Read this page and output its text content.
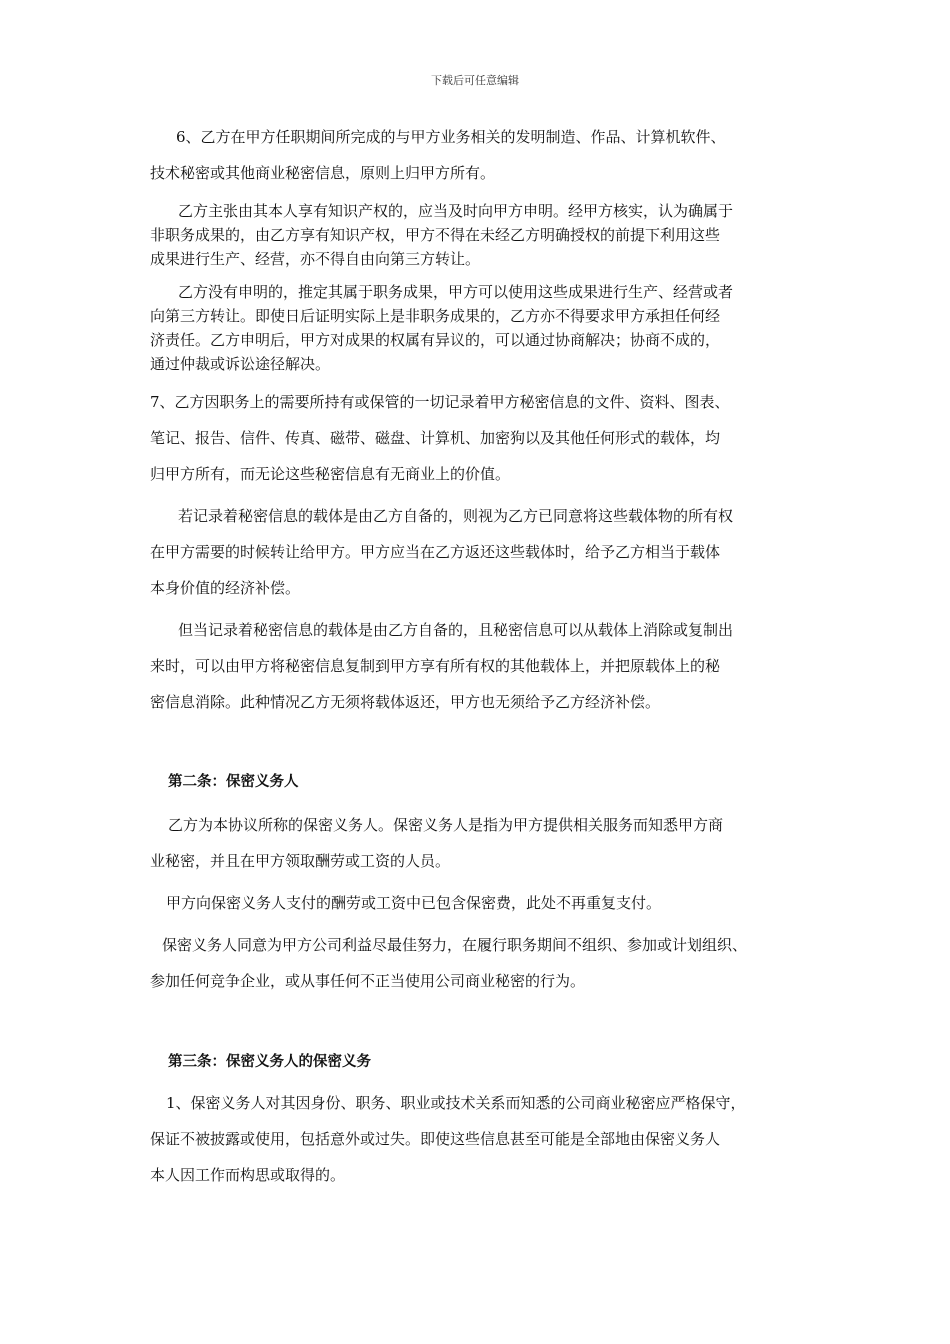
下载后可任意编辑
6、乙方在甲方任职期间所完成的与甲方业务相关的发明制造、作品、计算机软件、
技术秘密或其他商业秘密信息，原则上归甲方所有。
乙方主张由其本人享有知识产权的，应当及时向甲方申明。经甲方核实，认为确属于
非职务成果的，由乙方享有知识产权，甲方不得在未经乙方明确授权的前提下利用这些
成果进行生产、经营，亦不得自由向第三方转让。
乙方没有申明的，推定其属于职务成果，甲方可以使用这些成果进行生产、经营或者
向第三方转让。即使日后证明实际上是非职务成果的，乙方亦不得要求甲方承担任何经
济责任。乙方申明后，甲方对成果的权属有异议的，可以通过协商解决；协商不成的，
通过仲裁或诉讼途径解决。
7、乙方因职务上的需要所持有或保管的一切记录着甲方秘密信息的文件、资料、图表、
笔记、报告、信件、传真、磁带、磁盘、计算机、加密狗以及其他任何形式的载体，均
归甲方所有，而无论这些秘密信息有无商业上的价值。
若记录着秘密信息的载体是由乙方自备的，则视为乙方已同意将这些载体物的所有权
在甲方需要的时候转让给甲方。甲方应当在乙方返还这些载体时，给予乙方相当于载体
本身价值的经济补偿。
但当记录着秘密信息的载体是由乙方自备的，且秘密信息可以从载体上消除或复制出
来时，可以由甲方将秘密信息复制到甲方享有所有权的其他载体上，并把原载体上的秘
密信息消除。此种情况乙方无须将载体返还，甲方也无须给予乙方经济补偿。
第二条：保密义务人
乙方为本协议所称的保密义务人。保密义务人是指为甲方提供相关服务而知悉甲方商
业秘密，并且在甲方领取酬劳或工资的人员。
甲方向保密义务人支付的酬劳或工资中已包含保密费，此处不再重复支付。
保密义务人同意为甲方公司利益尽最佳努力，在履行职务期间不组织、参加或计划组织、
参加任何竞争企业，或从事任何不正当使用公司商业秘密的行为。
第三条：保密义务人的保密义务
1、保密义务人对其因身份、职务、职业或技术关系而知悉的公司商业秘密应严格保守，
保证不被披露或使用，包括意外或过失。即使这些信息甚至可能是全部地由保密义务人
本人因工作而构思或取得的。
